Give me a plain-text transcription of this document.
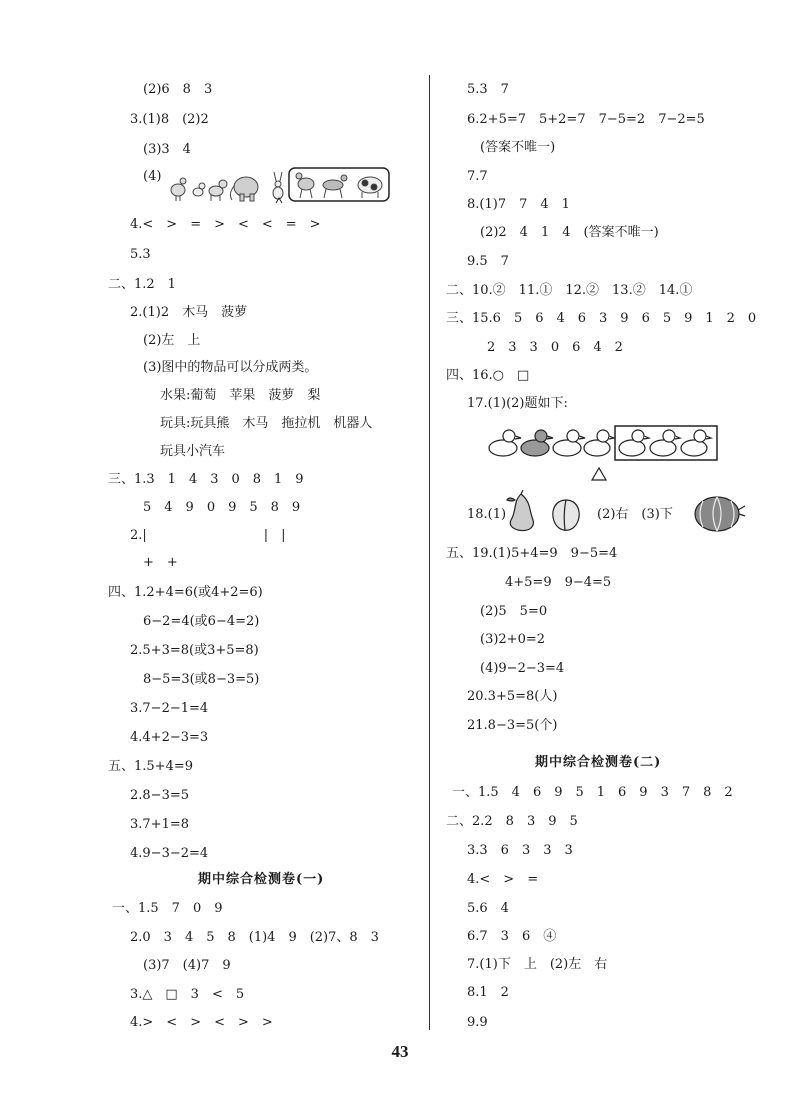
(2)6　8　3
3.(1)8　(2)2
(3)3　4
(4)
4.<　>　=　>　<　<　=　>
5.3
二、1.2　1
2.(1)2　木马　菠萝
(2)左　上
(3)图中的物品可以分成两类。
水果:葡萄　苹果　菠萝　梨
玩具:玩具熊　木马　拖拉机　机器人
玩具小汽车
三、1.3　1　4　3　0　8　1　9
5　4　9　0　9　5　8　9
2.|　　　　　　　　　|　|
+　+
四、1.2+4=6(或4+2=6)
6−2=4(或6−4=2)
2.5+3=8(或3+5=8)
8−5=3(或8−3=5)
3.7−2−1=4
4.4+2−3=3
五、1.5+4=9
2.8−3=5
3.7+1=8
4.9−3−2=4
期中综合检测卷(一)
一、1.5　7　0　9
2.0　3　4　5　8　(1)4　9　(2)7、8　3
(3)7　(4)7　9
3.△　□　3　<　5
4.>　<　>　<　>　>
5.3　7
6.2+5=7　5+2=7　7−5=2　7−2=5
(答案不唯一)
7.7
8.(1)7　7　4　1
(2)2　4　1　4　(答案不唯一)
9.5　7
二、10.②　11.①　12.②　13.②　14.①
三、15.6　5　6　4　6　3　9　6　5　9　1　2　0
2　3　3　0　6　4　2
四、16.○　□
17.(1)(2)题如下:
18.(1)	(2)右　(3)下
五、19.(1)5+4=9　9−5=4
4+5=9　9−4=5
(2)5　5=0
(3)2+0=2
(4)9−2−3=4
20.3+5=8(人)
21.8−3=5(个)
期中综合检测卷(二)
一、1.5　4　6　9　5　1　6　9　3　7　8　2
二、2.2　8　3　9　5
3.3　6　3　3　3
4.<　>　=
5.6　4
6.7　3　6　④
7.(1)下　上　(2)左　右
8.1　2
9.9
43
